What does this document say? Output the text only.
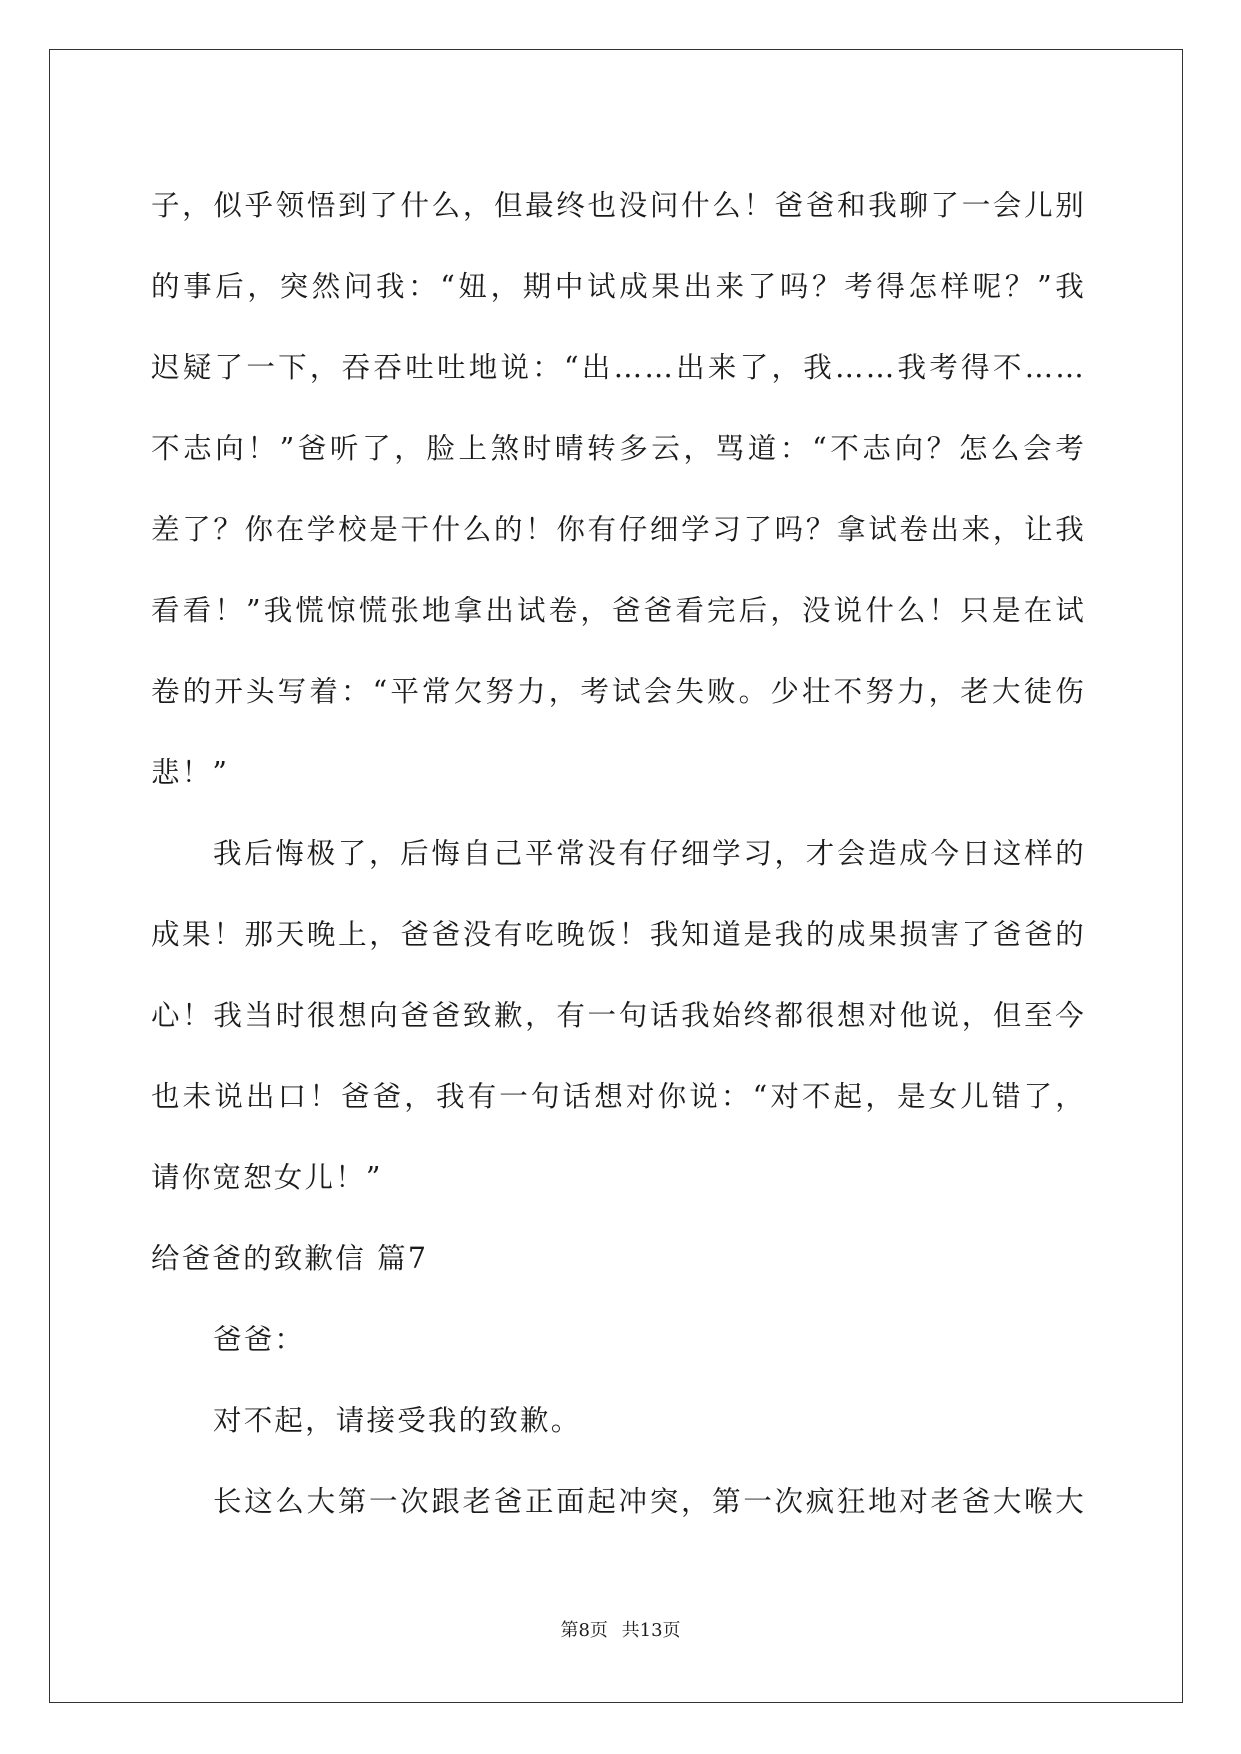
子，似乎领悟到了什么，但最终也没问什么！爸爸和我聊了一会儿别
的事后，突然问我：“妞，期中试成果出来了吗？考得怎样呢？”我
迟疑了一下，吞吞吐吐地说：“出……出来了，我……我考得不……
不志向！”爸听了，脸上煞时晴转多云，骂道：“不志向？怎么会考
差了？你在学校是干什么的！你有仔细学习了吗？拿试卷出来，让我
看看！”我慌惊慌张地拿出试卷，爸爸看完后，没说什么！只是在试
卷的开头写着：“平常欠努力，考试会失败。少壮不努力，老大徒伤
悲！”
我后悔极了，后悔自己平常没有仔细学习，才会造成今日这样的
成果！那天晚上，爸爸没有吃晚饭！我知道是我的成果损害了爸爸的
心！我当时很想向爸爸致歉，有一句话我始终都很想对他说，但至今
也未说出口！爸爸，我有一句话想对你说：“对不起，是女儿错了，
请你宽恕女儿！”
给爸爸的致歉信 篇7
爸爸：
对不起，请接受我的致歉。
长这么大第一次跟老爸正面起冲突，第一次疯狂地对老爸大喉大
第8页 共13页
